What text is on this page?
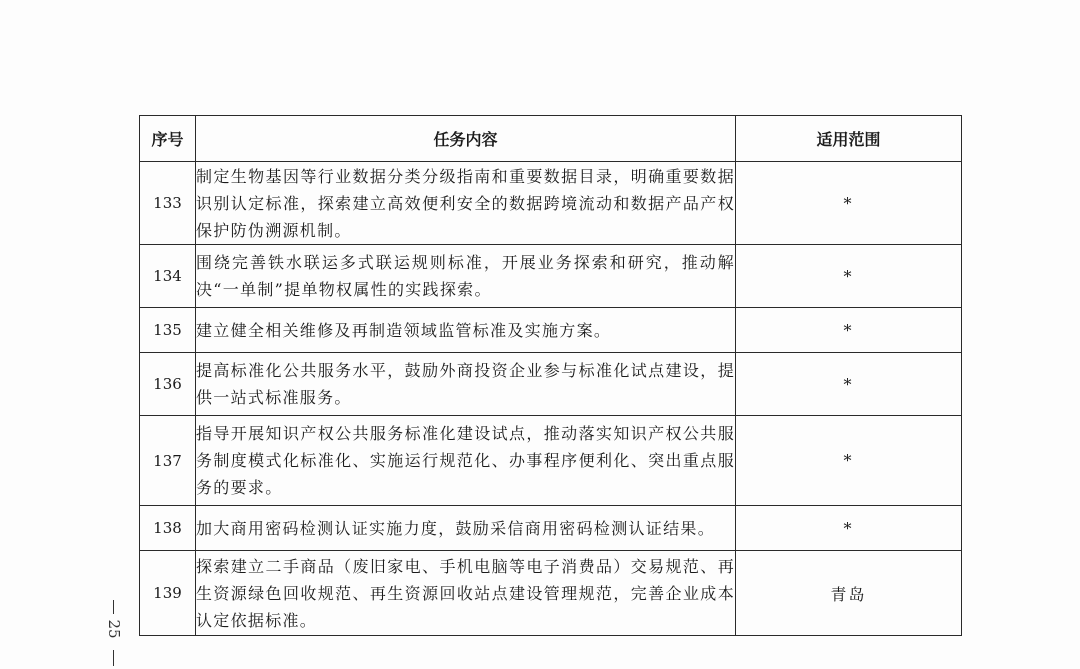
序号	任务内容	适用范围
133	制定生物基因等行业数据分类分级指南和重要数据目录，明确重要数据识别认定标准，探索建立高效便利安全的数据跨境流动和数据产品产权保护防伪溯源机制。	*
134	围绕完善铁水联运多式联运规则标准，开展业务探索和研究，推动解决“一单制”提单物权属性的实践探索。	*
135	建立健全相关维修及再制造领域监管标准及实施方案。	*
136	提高标准化公共服务水平，鼓励外商投资企业参与标准化试点建设，提供一站式标准服务。	*
137	指导开展知识产权公共服务标准化建设试点，推动落实知识产权公共服务制度模式化标准化、实施运行规范化、办事程序便利化、突出重点服务的要求。	*
138	加大商用密码检测认证实施力度，鼓励采信商用密码检测认证结果。	*
139	探索建立二手商品（废旧家电、手机电脑等电子消费品）交易规范、再生资源绿色回收规范、再生资源回收站点建设管理规范，完善企业成本认定依据标准。	青岛
25
